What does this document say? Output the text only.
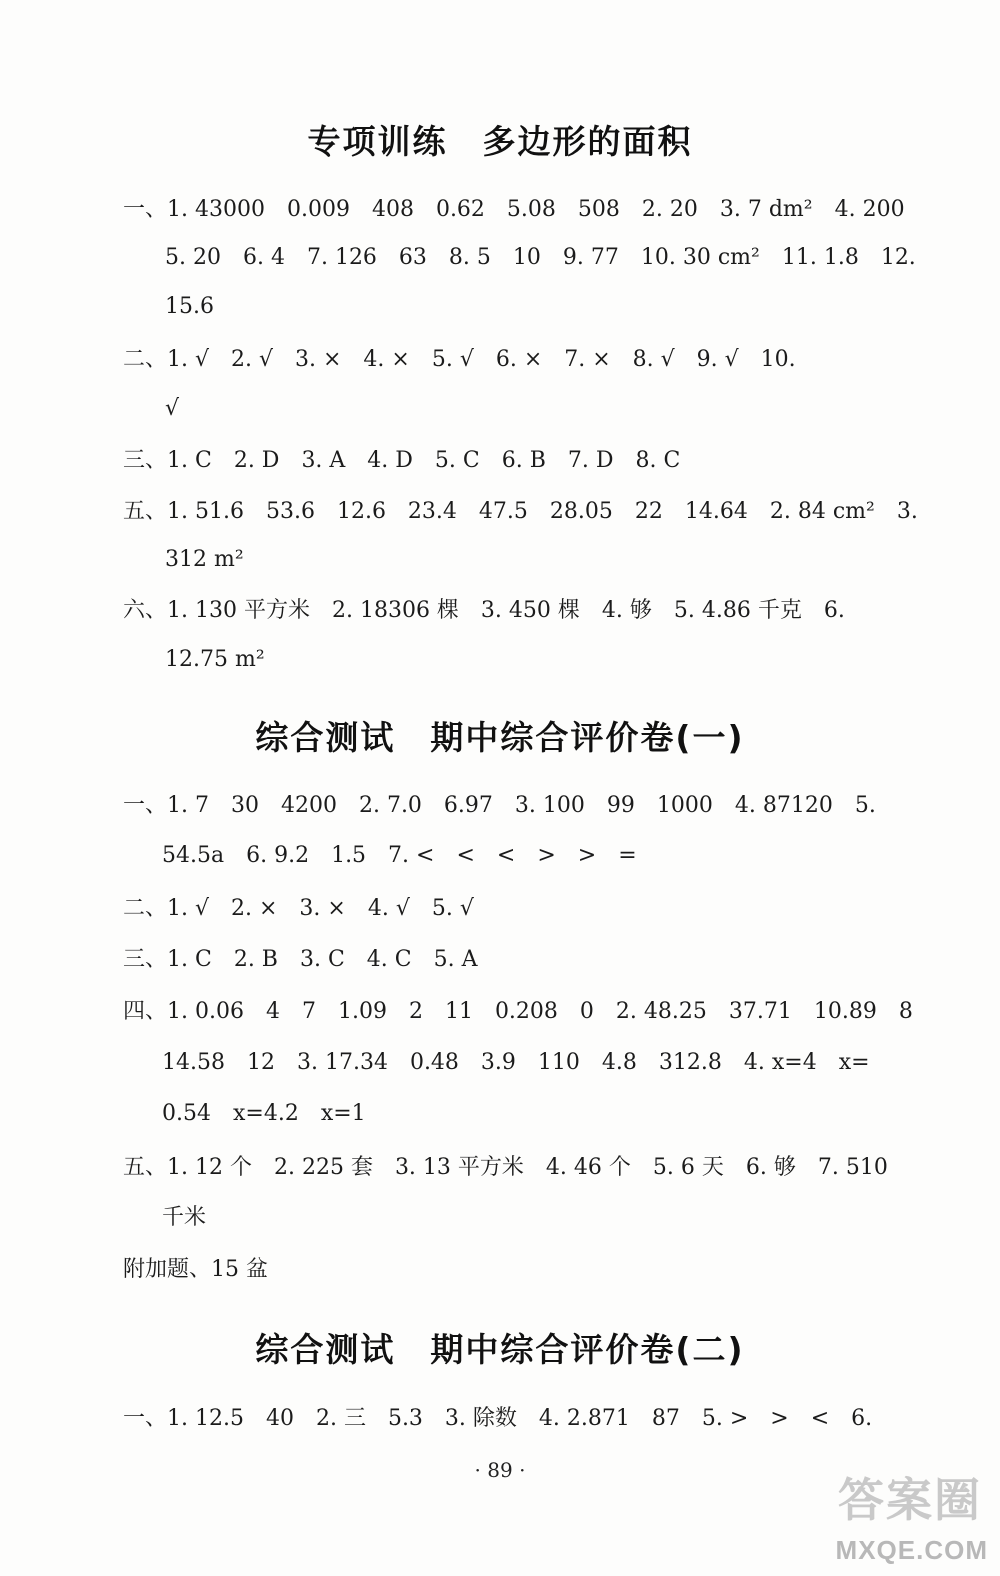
专项训练　多边形的面积
一、1. 43000　0.009　408　0.62　5.08　508　2. 20　3. 7 dm²　4. 200
5. 20　6. 4　7. 126　63　8. 5　10　9. 77　10. 30 cm²　11. 1.8　12.
15.6
二、1. √　2. √　3. ×　4. ×　5. √　6. ×　7. ×　8. √　9. √　10.
√
三、1. C　2. D　3. A　4. D　5. C　6. B　7. D　8. C
五、1. 51.6　53.6　12.6　23.4　47.5　28.05　22　14.64　2. 84 cm²　3.
312 m²
六、1. 130 平方米　2. 18306 棵　3. 450 棵　4. 够　5. 4.86 千克　6.
12.75 m²
综合测试　期中综合评价卷(一)
一、1. 7　30　4200　2. 7.0　6.97　3. 100　99　1000　4. 87120　5.
54.5a　6. 9.2　1.5　7. <　<　<　>　>　=
二、1. √　2. ×　3. ×　4. √　5. √
三、1. C　2. B　3. C　4. C　5. A
四、1. 0.06　4　7　1.09　2　11　0.208　0　2. 48.25　37.71　10.89　8
14.58　12　3. 17.34　0.48　3.9　110　4.8　312.8　4. x=4　x=
0.54　x=4.2　x=1
五、1. 12 个　2. 225 套　3. 13 平方米　4. 46 个　5. 6 天　6. 够　7. 510
千米
附加题、15 盆
综合测试　期中综合评价卷(二)
一、1. 12.5　40　2. 三　5.3　3. 除数　4. 2.871　87　5. >　>　<　6.
· 89 ·
答案圈
MXQE.COM
